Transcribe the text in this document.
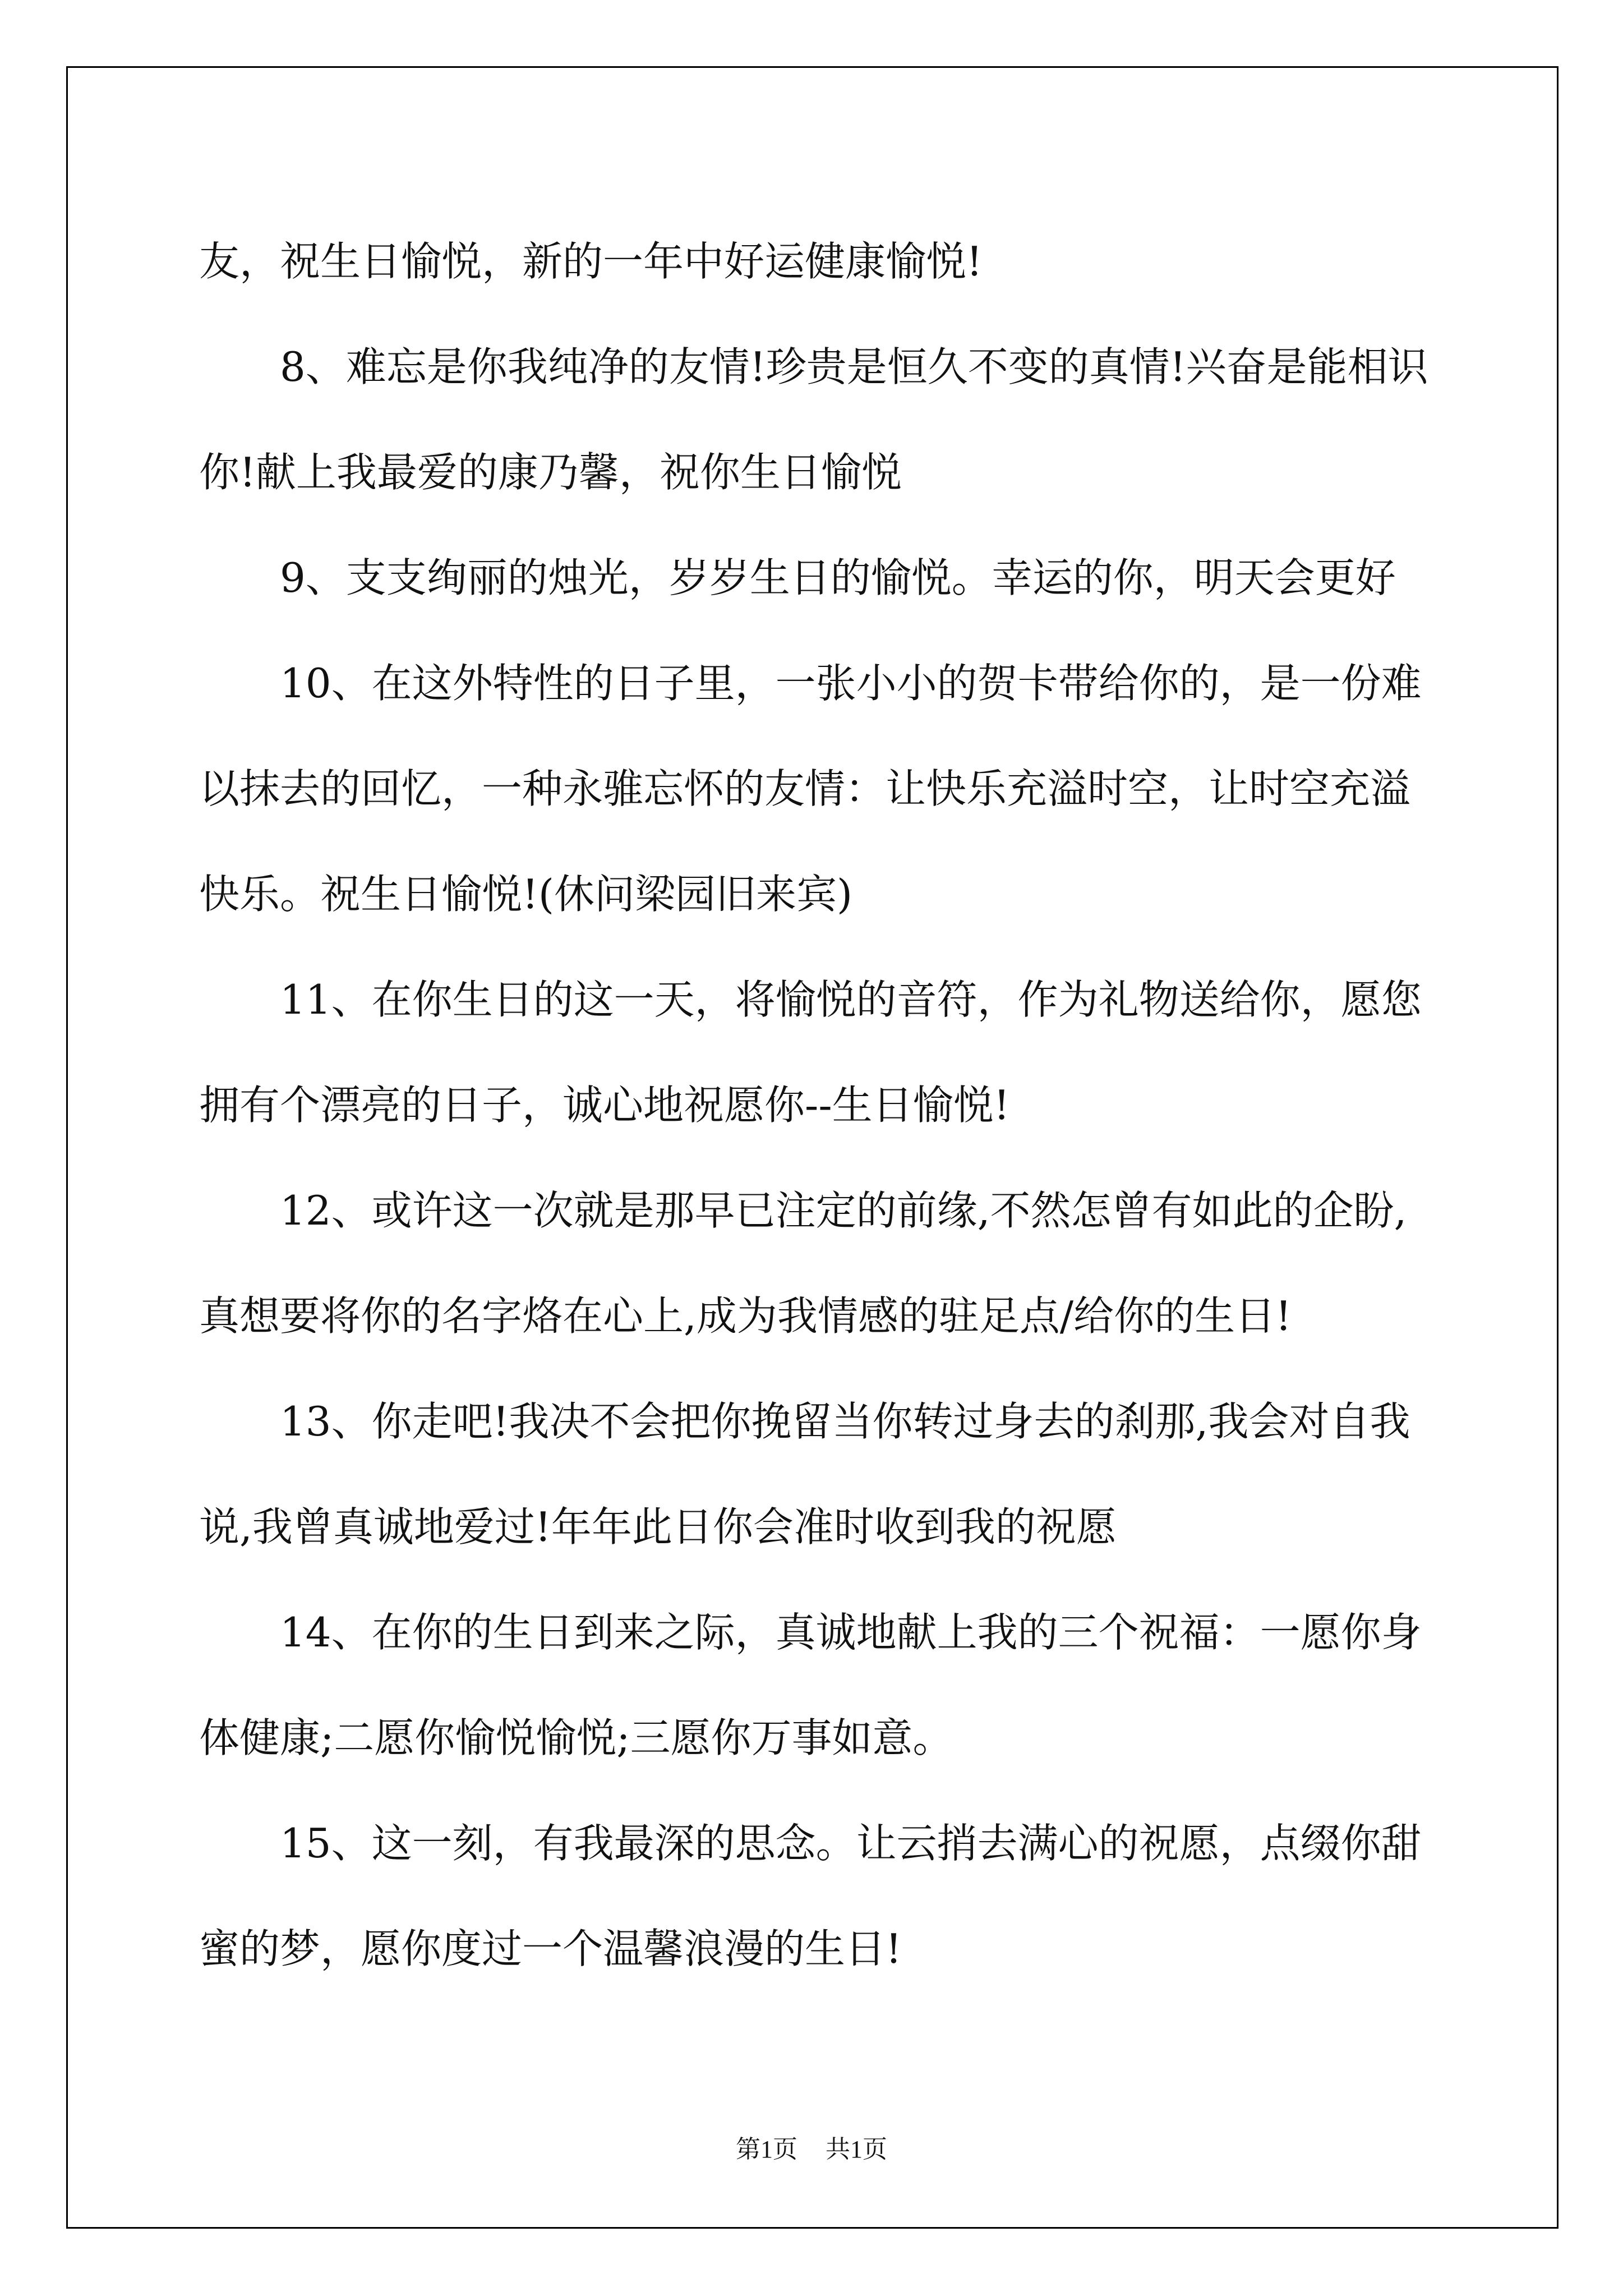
友，祝生日愉悦，新的一年中好运健康愉悦!

8、难忘是你我纯净的友情!珍贵是恒久不变的真情!兴奋是能相识你!献上我最爱的康乃馨，祝你生日愉悦

9、支支绚丽的烛光，岁岁生日的愉悦。幸运的你，明天会更好

10、在这外特性的日子里，一张小小的贺卡带给你的，是一份难以抹去的回忆，一种永骓忘怀的友情：让快乐充溢时空，让时空充溢快乐。祝生日愉悦!(休问梁园旧来宾)

11、在你生日的这一天，将愉悦的音符，作为礼物送给你，愿您拥有个漂亮的日子，诚心地祝愿你--生日愉悦!

12、或许这一次就是那早已注定的前缘,不然怎曾有如此的企盼,真想要将你的名字烙在心上,成为我情感的驻足点/给你的生日!

13、你走吧!我决不会把你挽留当你转过身去的刹那,我会对自我说,我曾真诚地爱过!年年此日你会准时收到我的祝愿

14、在你的生日到来之际，真诚地献上我的三个祝福：一愿你身体健康;二愿你愉悦愉悦;三愿你万事如意。

15、这一刻，有我最深的思念。让云捎去满心的祝愿，点缀你甜蜜的梦，愿你度过一个温馨浪漫的生日!

第1页 共1页
